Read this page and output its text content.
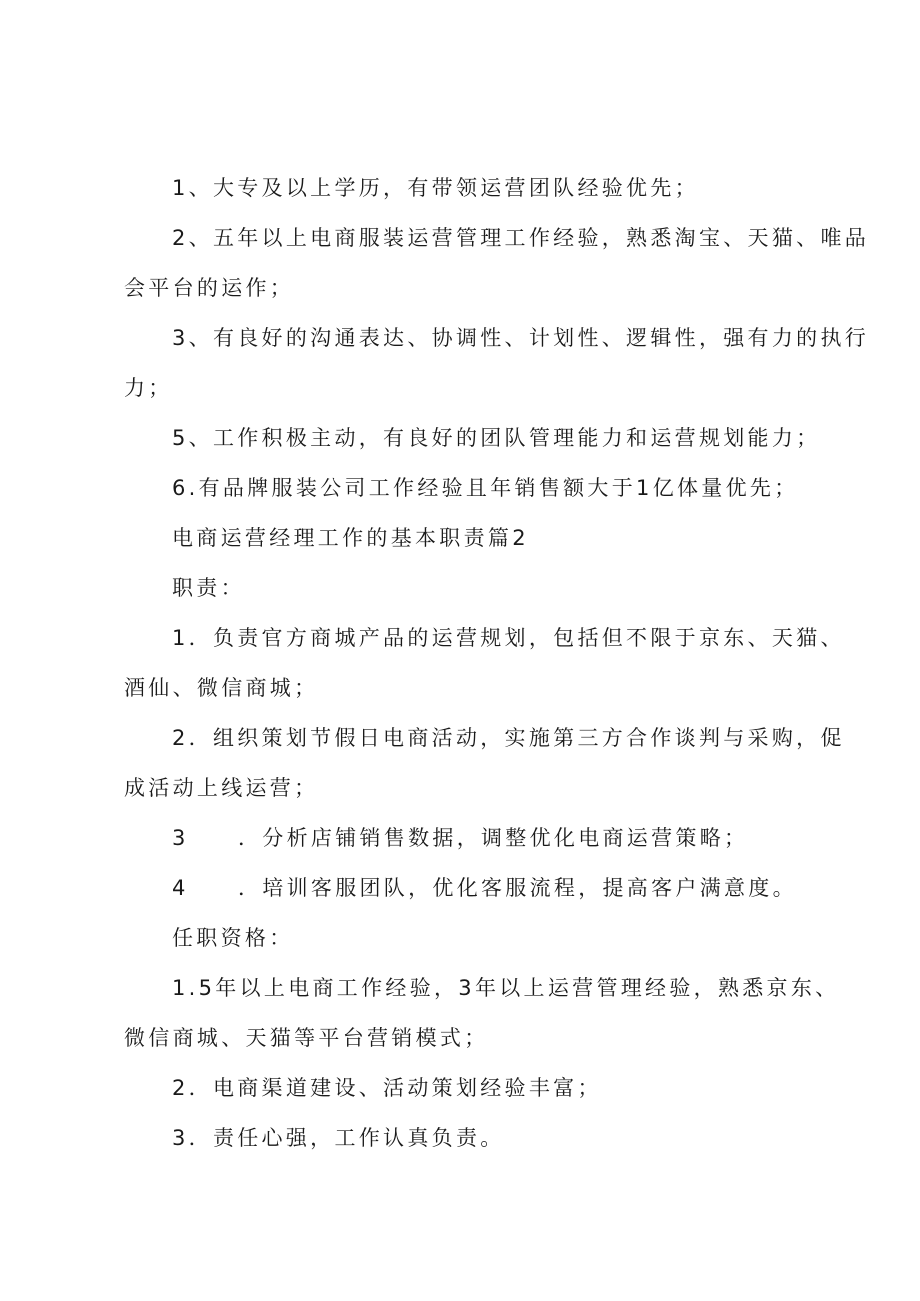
1、大专及以上学历，有带领运营团队经验优先；
2、五年以上电商服装运营管理工作经验，熟悉淘宝、天猫、唯品
会平台的运作；
3、有良好的沟通表达、协调性、计划性、逻辑性，强有力的执行
力；
5、工作积极主动，有良好的团队管理能力和运营规划能力；
6.有品牌服装公司工作经验且年销售额大于1亿体量优先；
电商运营经理工作的基本职责篇2
职责：
1．负责官方商城产品的运营规划，包括但不限于京东、天猫、
酒仙、微信商城；
2．组织策划节假日电商活动，实施第三方合作谈判与采购，促
成活动上线运营；
3 ．分析店铺销售数据，调整优化电商运营策略；
4 ．培训客服团队，优化客服流程，提高客户满意度。
任职资格：
1.5年以上电商工作经验，3年以上运营管理经验，熟悉京东、
微信商城、天猫等平台营销模式；
2．电商渠道建设、活动策划经验丰富；
3．责任心强，工作认真负责。
